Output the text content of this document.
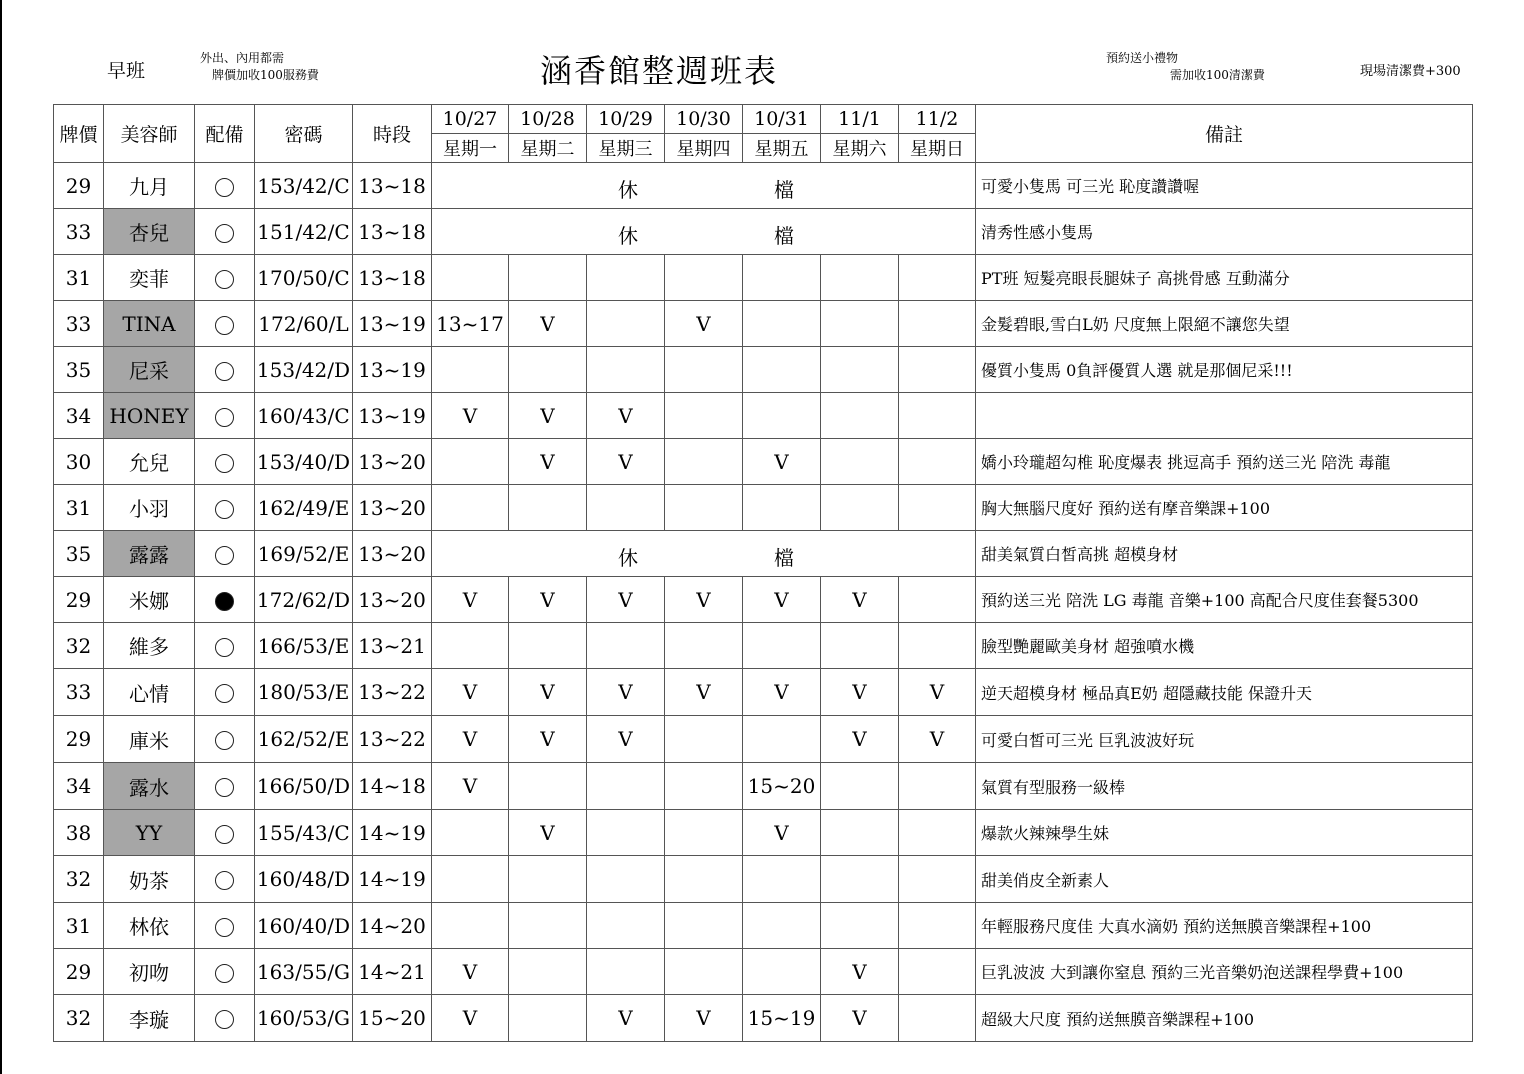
早班
外出、內用都需
牌價加收100服務費	涵香館整週班表	預約送小禮物
需加收100清潔費	現場清潔費+300
牌價	美容師	配備	密碼	時段	10/27	10/28	10/29	10/30	10/31	11/1	11/2	備註
					星期一	星期二	星期三	星期四	星期五	星期六	星期日	
29	九月		153/42/C	13~18	休 檔							可愛小隻馬 可三光 恥度讚讚喔
33	杏兒		151/42/C	13~18	休 檔							清秀性感小隻馬
31	奕菲		170/50/C	13~18								PT班 短髮亮眼長腿妹子 高挑骨感 互動滿分
33	TINA		172/60/L	13~19	13~17	V		V				金髮碧眼,雪白L奶 尺度無上限絕不讓您失望
35	尼采		153/42/D	13~19								優質小隻馬 0負評優質人選 就是那個尼采!!!
34	HONEY		160/43/C	13~19	V	V	V					
30	允兒		153/40/D	13~20		V	V		V			嬌小玲瓏超勾椎 恥度爆表 挑逗高手 預約送三光 陪洗 毒龍
31	小羽		162/49/E	13~20								胸大無腦尺度好 預約送有摩音樂課+100
35	露露		169/52/E	13~20	休 檔							甜美氣質白皙高挑 超模身材
29	米娜		172/62/D	13~20	V	V	V	V	V	V		預約送三光 陪洗 LG 毒龍 音樂+100 高配合尺度佳套餐5300
32	維多		166/53/E	13~21								臉型艷麗歐美身材 超強噴水機
33	心情		180/53/E	13~22	V	V	V	V	V	V	V	逆天超模身材 極品真E奶 超隱藏技能 保證升天
29	庫米		162/52/E	13~22	V	V	V			V	V	可愛白皙可三光 巨乳波波好玩
34	露水		166/50/D	14~18	V				15~20			氣質有型服務一級棒
38	YY		155/43/C	14~19		V			V			爆款火辣辣學生妹
32	奶茶		160/48/D	14~19								甜美俏皮全新素人
31	林依		160/40/D	14~20								年輕服務尺度佳 大真水滴奶 預約送無膜音樂課程+100
29	初吻		163/55/G	14~21	V					V		巨乳波波 大到讓你窒息 預約三光音樂奶泡送課程學費+100
32	李璇		160/53/G	15~20	V		V	V	15~19	V		超級大尺度 預約送無膜音樂課程+100
